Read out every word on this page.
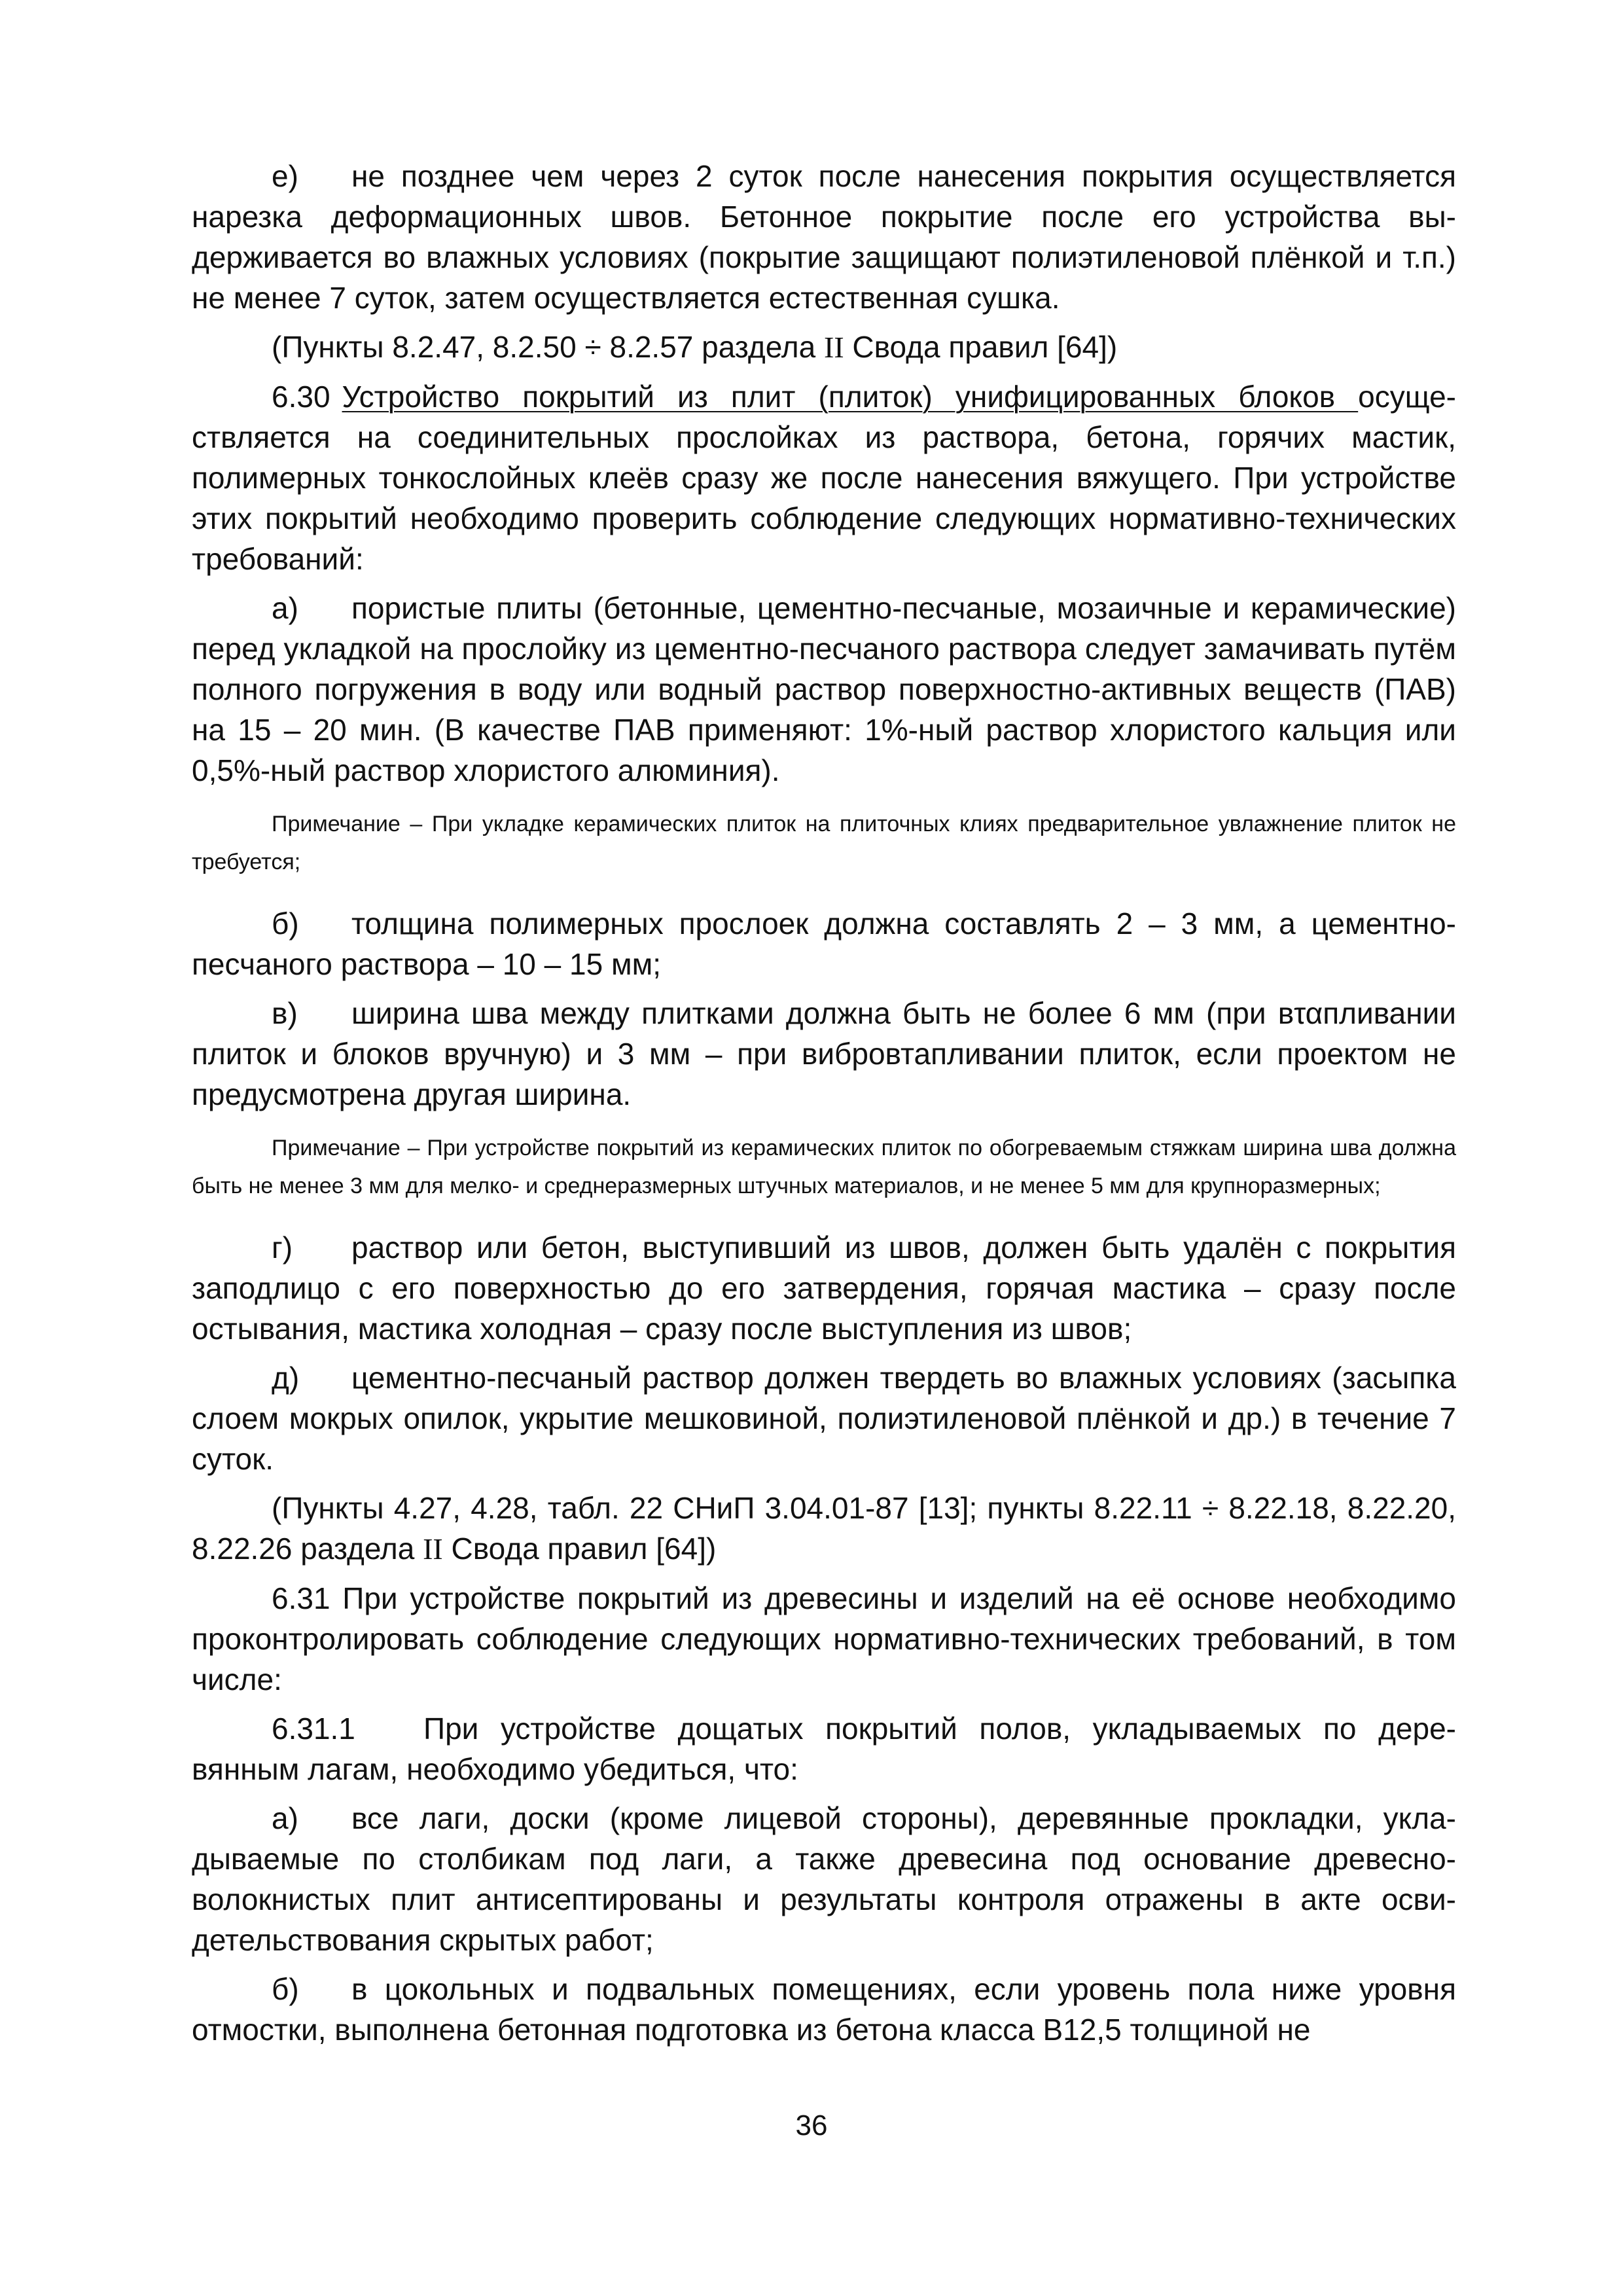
е) не позднее чем через 2 суток после нанесения покрытия осуществляется нарезка деформационных швов. Бетонное покрытие после его устройства выдерживается во влажных условиях (покрытие защищают полиэтиленовой плёнкой и т.п.) не менее 7 суток, затем осуществляется естественная сушка.

(Пункты 8.2.47, 8.2.50 ÷ 8.2.57 раздела II Свода правил [64])

6.30 Устройство покрытий из плит (плиток) унифицированных блоков осуществляется на соединительных прослойках из раствора, бетона, горячих мастик, полимерных тонкослойных клеёв сразу же после нанесения вяжущего. При устройстве этих покрытий необходимо проверить соблюдение следующих нормативно-технических требований:

а) пористые плиты (бетонные, цементно-песчаные, мозаичные и керамические) перед укладкой на прослойку из цементно-песчаного раствора следует замачивать путём полного погружения в воду или водный раствор поверхностно-активных веществ (ПАВ) на 15 – 20 мин. (В качестве ПАВ применяют: 1%-ный раствор хлористого кальция или 0,5%-ный раствор хлористого алюминия).

Примечание – При укладке керамических плиток на плиточных клиях предварительное увлажнение плиток не требуется;

б) толщина полимерных прослоек должна составлять 2 – 3 мм, а цементно-песчаного раствора – 10 – 15 мм;

в) ширина шва между плитками должна быть не более 6 мм (при вταпливании плиток и блоков вручную) и 3 мм – при вибровтапливании плиток, если проектом не предусмотрена другая ширина.

Примечание – При устройстве покрытий из керамических плиток по обогреваемым стяжкам ширина шва должна быть не менее 3 мм для мелко- и среднеразмерных штучных материалов, и не менее 5 мм для крупноразмерных;

г) раствор или бетон, выступивший из швов, должен быть удалён с покрытия заподлицо с его поверхностью до его затвердения, горячая мастика – сразу после остывания, мастика холодная – сразу после выступления из швов;

д) цементно-песчаный раствор должен твердеть во влажных условиях (засыпка слоем мокрых опилок, укрытие мешковиной, полиэтиленовой плёнкой и др.) в течение 7 суток.

(Пункты 4.27, 4.28, табл. 22 СНиП 3.04.01-87 [13]; пункты 8.22.11 ÷ 8.22.18, 8.22.20, 8.22.26 раздела II Свода правил [64])

6.31 При устройстве покрытий из древесины и изделий на её основе необходимо проконтролировать соблюдение следующих нормативно-технических требований, в том числе:

6.31.1 При устройстве дощатых покрытий полов, укладываемых по деревянным лагам, необходимо убедиться, что:

а) все лаги, доски (кроме лицевой стороны), деревянные прокладки, укладываемые по столбикам под лаги, а также древесина под основание древесноволокнистых плит антисептированы и результаты контроля отражены в акте освидетельствования скрытых работ;

б) в цокольных и подвальных помещениях, если уровень пола ниже уровня отмостки, выполнена бетонная подготовка из бетона класса В12,5 толщиной не

36
